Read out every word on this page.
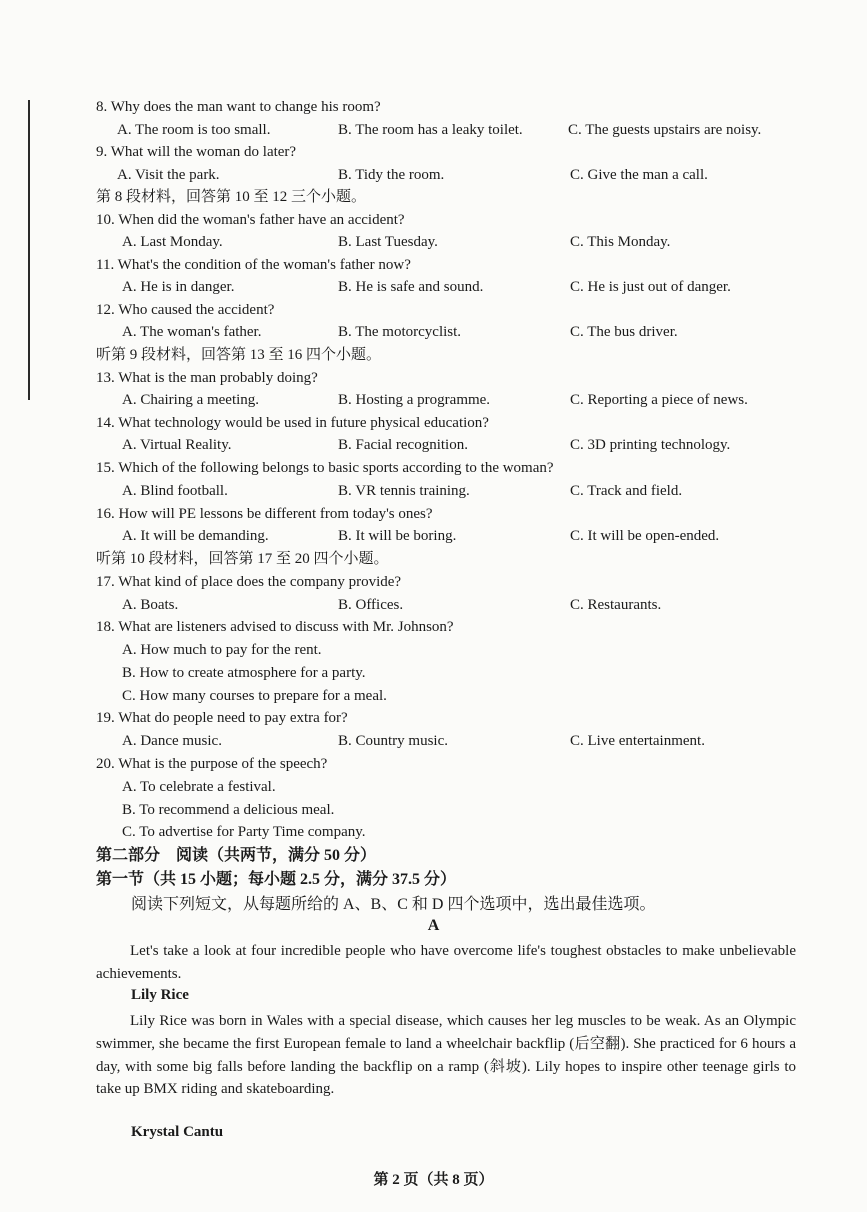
8. Why does the man want to change his room?
A. The room is too small.	B. The room has a leaky toilet.	C. The guests upstairs are noisy.
9. What will the woman do later?
A. Visit the park.	B. Tidy the room.	C. Give the man a call.
第 8 段材料，回答第 10 至 12 三个小题。
10. When did the woman's father have an accident?
A. Last Monday.	B. Last Tuesday.	C. This Monday.
11. What's the condition of the woman's father now?
A. He is in danger.	B. He is safe and sound.	C. He is just out of danger.
12. Who caused the accident?
A. The woman's father.	B. The motorcyclist.	C. The bus driver.
听第 9 段材料，回答第 13 至 16 四个小题。
13. What is the man probably doing?
A. Chairing a meeting.	B. Hosting a programme.	C. Reporting a piece of news.
14. What technology would be used in future physical education?
A. Virtual Reality.	B. Facial recognition.	C. 3D printing technology.
15. Which of the following belongs to basic sports according to the woman?
A. Blind football.	B. VR tennis training.	C. Track and field.
16. How will PE lessons be different from today's ones?
A. It will be demanding.	B. It will be boring.	C. It will be open-ended.
听第 10 段材料，回答第 17 至 20 四个小题。
17. What kind of place does the company provide?
A. Boats.	B. Offices.	C. Restaurants.
18. What are listeners advised to discuss with Mr. Johnson?
A. How much to pay for the rent.
B. How to create atmosphere for a party.
C. How many courses to prepare for a meal.
19. What do people need to pay extra for?
A. Dance music.	B. Country music.	C. Live entertainment.
20. What is the purpose of the speech?
A. To celebrate a festival.
B. To recommend a delicious meal.
C. To advertise for Party Time company.
第二部分　阅读（共两节，满分 50 分）
第一节（共 15 小题；每小题 2.5 分，满分 37.5 分）
阅读下列短文，从每题所给的 A、B、C 和 D 四个选项中，选出最佳选项。
A
Let's take a look at four incredible people who have overcome life's toughest obstacles to make unbelievable achievements.
Lily Rice
Lily Rice was born in Wales with a special disease, which causes her leg muscles to be weak. As an Olympic swimmer, she became the first European female to land a wheelchair backflip (后空翻). She practiced for 6 hours a day, with some big falls before landing the backflip on a ramp (斜坡). Lily hopes to inspire other teenage girls to take up BMX riding and skateboarding.
Krystal Cantu
第 2 页（共 8 页）
